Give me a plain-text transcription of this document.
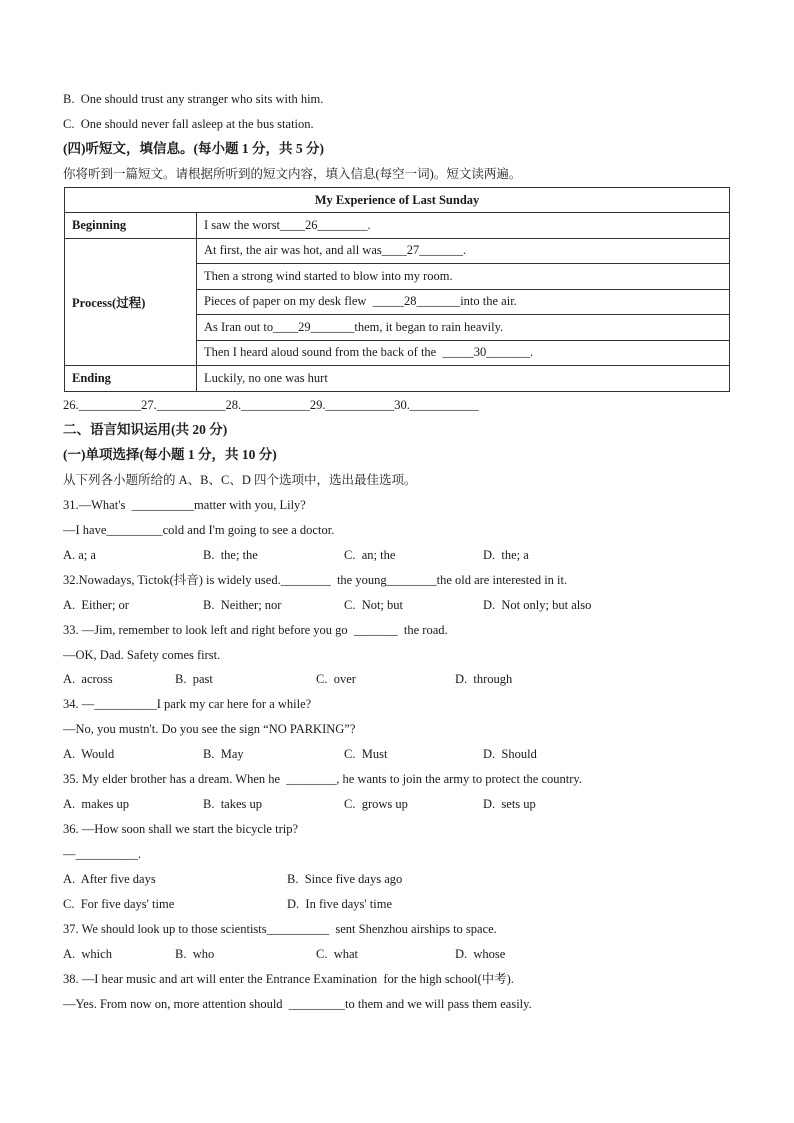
B.  One should trust any stranger who sits with him.
C.  One should never fall asleep at the bus station.
(四)听短文，填信息。(每小题 1 分，共 5 分)
你将听到一篇短文。请根据所听到的短文内容，填入信息(每空一词)。短文读两遍。
My Experience of Last Sunday	
Beginning	I saw the worst____26________.
Process(过程)	At first, the air was hot, and all was____27_______.
	Then a strong wind started to blow into my room.
	Pieces of paper on my desk flew  _____28_______into the air.
	As Iran out to____29_______them, it began to rain heavily.
	Then I heard aloud sound from the back of the  _____30_______.
Ending	Luckily, no one was hurt
26.__________27.___________28.___________29.___________30.___________
二、语言知识运用(共 20 分)
(一)单项选择(每小题 1 分，共 10 分)
从下列各小题所给的 A、B、C、D 四个选项中，选出最佳选项。
31.—What's  __________matter with you, Lily?
—I have_________cold and I'm going to see a doctor.
A. a; a	B.  the; the	C.  an; the	D.  the; a
32.Nowadays, Tictok(抖音) is widely used.________  the young________the old are interested in it.
A.  Either; or	B.  Neither; nor	C.  Not; but	D.  Not only; but also
33. —Jim, remember to look left and right before you go  _______  the road.
—OK, Dad. Safety comes first.
A.  across	B.  past	C.  over	D.  through
34. —__________I park my car here for a while?
—No, you mustn't. Do you see the sign “NO PARKING”?
A.  Would	B.  May	C.  Must	D.  Should
35. My elder brother has a dream. When he  ________, he wants to join the army to protect the country.
A.  makes up	B.  takes up	C.  grows up	D.  sets up
36. —How soon shall we start the bicycle trip?
—__________.
A.  After five days	B.  Since five days ago
C.  For five days' time	D.  In five days' time
37. We should look up to those scientists__________  sent Shenzhou airships to space.
A.  which	B.  who	C.  what	D.  whose
38. —I hear music and art will enter the Entrance Examination  for the high school(中考).
—Yes. From now on, more attention should  _________to them and we will pass them easily.
